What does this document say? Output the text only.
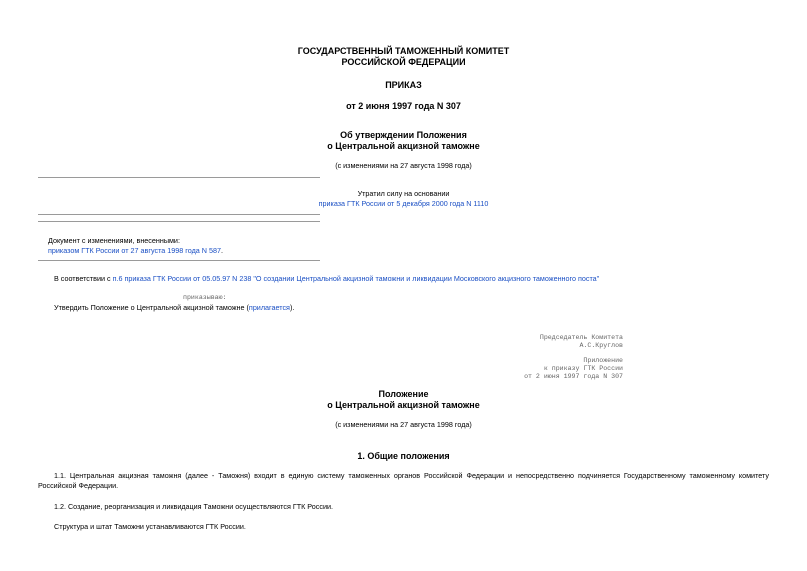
ГОСУДАРСТВЕННЫЙ ТАМОЖЕННЫЙ КОМИТЕТ
РОССИЙСКОЙ ФЕДЕРАЦИИ
ПРИКАЗ
от 2 июня 1997 года N 307
Об утверждении Положения
о Центральной акцизной таможне
(с изменениями на 27 августа 1998 года)
Утратил силу на основании
приказа ГТК России от 5 декабря 2000 года N 1110
Документ с изменениями, внесенными:
приказом ГТК России от 27 августа 1998 года N 587.
В соответствии с п.6 приказа ГТК России от 05.05.97 N 238 "О создании Центральной акцизной таможни и ликвидации Московского акцизного таможенного поста"
приказываю:
Утвердить Положение о Центральной акцизной таможне (прилагается).
Председатель Комитета
А.С.Круглов
Приложение
к приказу ГТК России
от 2 июня 1997 года N 307
Положение
о Центральной акцизной таможне
(с изменениями на 27 августа 1998 года)
1. Общие положения
1.1. Центральная акцизная таможня (далее - Таможня) входит в единую систему таможенных органов Российской Федерации и непосредственно подчиняется Государственному таможенному комитету Российской Федерации.
1.2. Создание, реорганизация и ликвидация Таможни осуществляются ГТК России.
Структура и штат Таможни устанавливаются ГТК России.
